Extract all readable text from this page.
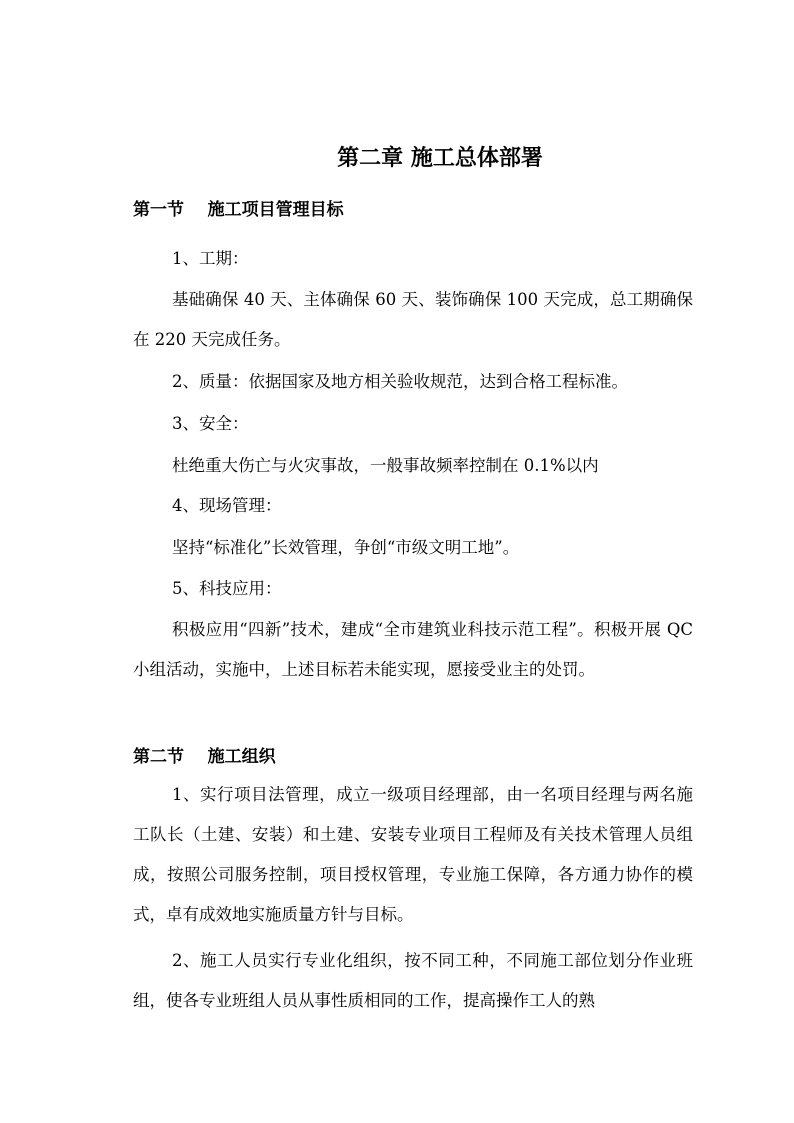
第二章 施工总体部署
第一节    施工项目管理目标

1、工期：

基础确保 40 天、主体确保 60 天、装饰确保 100 天完成，总工期确保在 220 天完成任务。

2、质量：依据国家及地方相关验收规范，达到合格工程标准。

3、安全：

杜绝重大伤亡与火灾事故，一般事故频率控制在 0.1%以内

4、现场管理：

坚持“标准化”长效管理，争创“市级文明工地”。

5、科技应用：

积极应用“四新”技术，建成“全市建筑业科技示范工程”。积极开展 QC 小组活动，实施中，上述目标若未能实现，愿接受业主的处罚。

第二节    施工组织

1、实行项目法管理，成立一级项目经理部，由一名项目经理与两名施工队长（土建、安装）和土建、安装专业项目工程师及有关技术管理人员组成，按照公司服务控制，项目授权管理，专业施工保障，各方通力协作的模式，卓有成效地实施质量方针与目标。

2、施工人员实行专业化组织，按不同工种，不同施工部位划分作业班组，使各专业班组人员从事性质相同的工作，提高操作工人的熟
